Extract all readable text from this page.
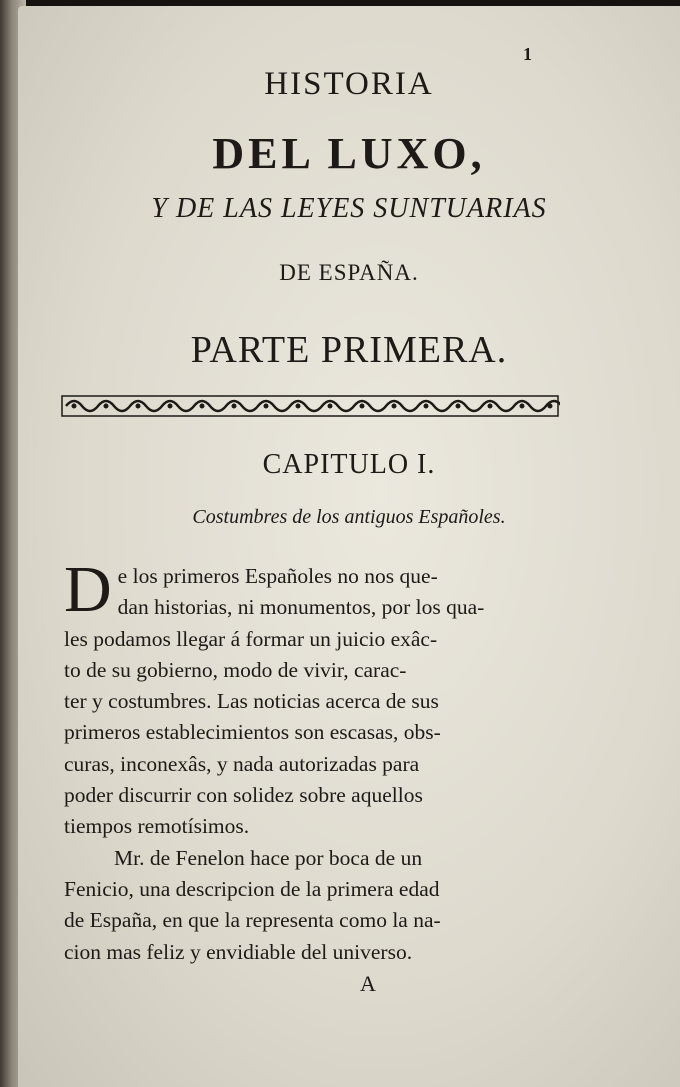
1
HISTORIA
DEL LUXO,
Y DE LAS LEYES SUNTUARIAS
DE ESPAÑA.
PARTE PRIMERA.
CAPITULO I.
Costumbres de los antiguos Españoles.
D e los primeros Españoles no nos que-
dan historias, ni monumentos, por los qua-
les podamos llegar á formar un juicio exâc-
to de su gobierno, modo de vivir, carac-
ter y costumbres. Las noticias acerca de sus
primeros establecimientos son escasas, obs-
curas, inconexâs, y nada autorizadas para
poder discurrir con solidez sobre aquellos
tiempos remotísimos.
Mr. de Fenelon hace por boca de un
Fenicio, una descripcion de la primera edad
de España, en que la representa como la na-
cion mas feliz y envidiable del universo.
A
